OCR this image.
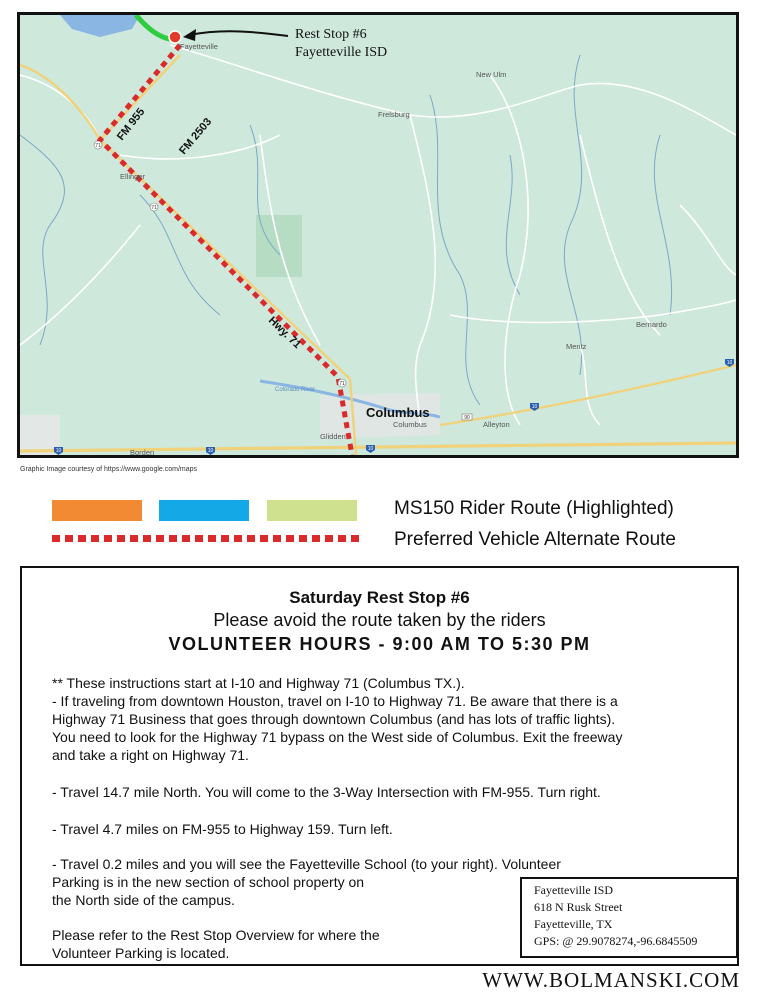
Rest Stop #6
Fayetteville ISD
Fayetteville
New Ulm
Frelsburg
Ellinger
Bernardo
Mentz
Columbus
Colorado River
Alleyton
Glidden
Borden
Columbus
FM 955	FM 2503
Hwy. 71
71
71
71
90
10
10
10
10
10
Graphic Image courtesy of https://www.google.com/maps
MS150 Rider Route (Highlighted)
Preferred Vehicle Alternate Route
Saturday Rest Stop #6
Please avoid the route taken by the riders
VOLUNTEER HOURS - 9:00 AM TO 5:30 PM
** These instructions start at I-10 and Highway 71 (Columbus TX.).
- If traveling from downtown Houston, travel on I-10 to Highway 71. Be aware that there is a
Highway 71 Business that goes through downtown Columbus (and has lots of traffic lights).
You need to look for the Highway 71 bypass on the West side of Columbus. Exit the freeway
and take a right on Highway 71.
- Travel 14.7 mile North. You will come to the 3-Way Intersection with FM-955. Turn right.
- Travel 4.7 miles on FM-955 to Highway 159. Turn left.
- Travel 0.2 miles and you will see the Fayetteville School (to your right). Volunteer
Parking is in the new section of school property on
the North side of the campus.
Please refer to the Rest Stop Overview for where the
Volunteer Parking is located.
Fayetteville ISD
618 N Rusk Street
Fayetteville, TX
GPS: @ 29.9078274,-96.6845509
WWW.BOLMANSKI.COM
